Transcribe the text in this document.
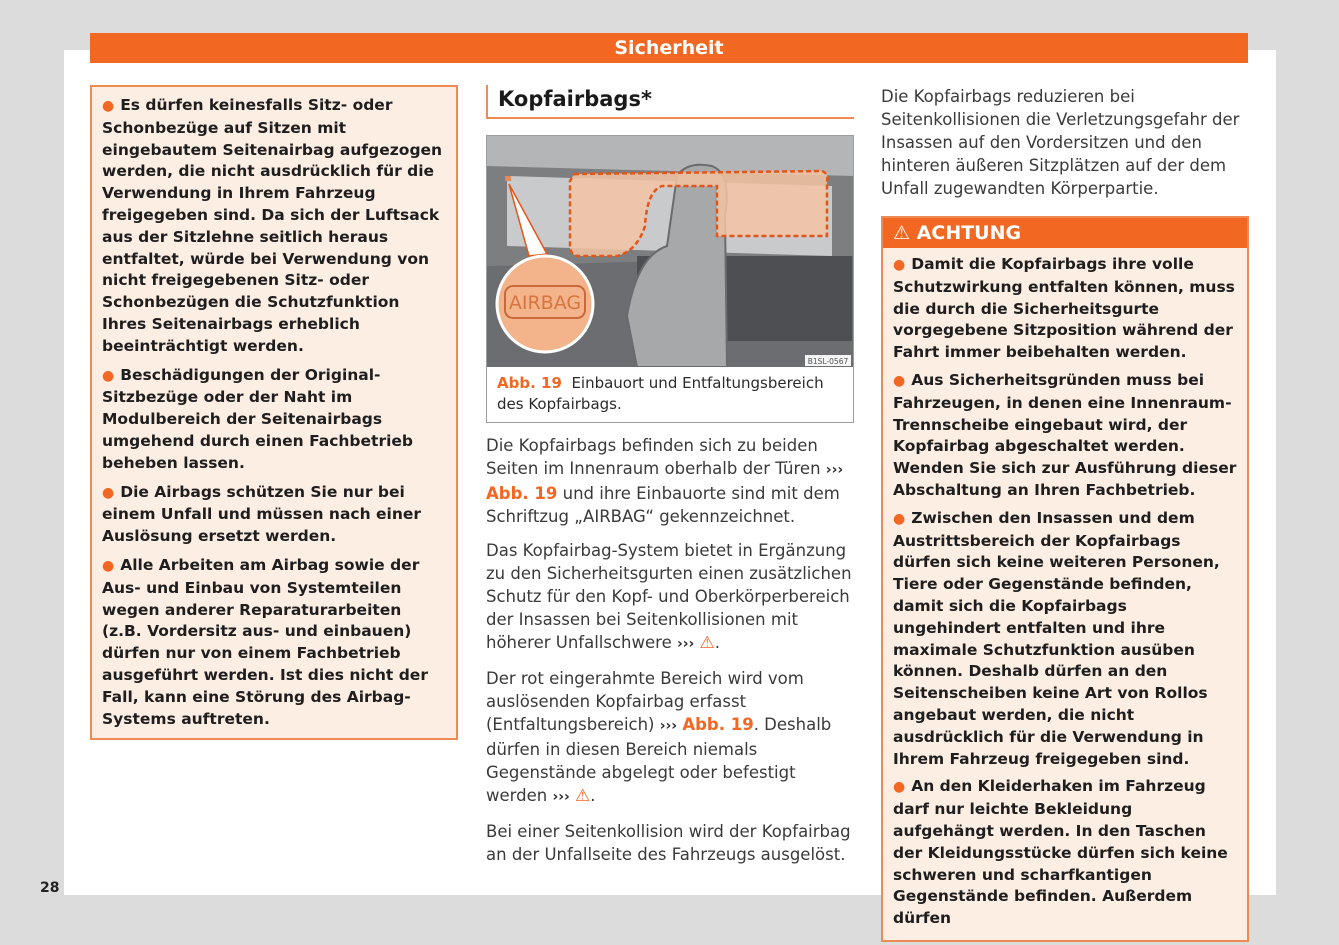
Sicherheit

● Es dürfen keinesfalls Sitz- oder Schonbezüge auf Sitzen mit eingebautem Seitenairbag aufgezogen werden, die nicht ausdrücklich für die Verwendung in Ihrem Fahrzeug freigegeben sind. Da sich der Luftsack aus der Sitzlehne seitlich heraus entfaltet, würde bei Verwendung von nicht freigegebenen Sitz- oder Schonbezügen die Schutzfunktion Ihres Seitenairbags erheblich beeinträchtigt werden.

● Beschädigungen der Original-Sitzbezüge oder der Naht im Modulbereich der Seitenairbags umgehend durch einen Fachbetrieb beheben lassen.

● Die Airbags schützen Sie nur bei einem Unfall und müssen nach einer Auslösung ersetzt werden.

● Alle Arbeiten am Airbag sowie der Aus- und Einbau von Systemteilen wegen anderer Reparaturarbeiten (z.B. Vordersitz aus- und einbauen) dürfen nur von einem Fachbetrieb ausgeführt werden. Ist dies nicht der Fall, kann eine Störung des Airbag-Systems auftreten.

Kopfairbags*
AIRBAG
B1SL-0567
Abb. 19 Einbauort und Entfaltungsbereich des Kopfairbags.

Die Kopfairbags befinden sich zu beiden Seiten im Innenraum oberhalb der Türen ››› Abb. 19 und ihre Einbauorte sind mit dem Schriftzug „AIRBAG“ gekennzeichnet.

Das Kopfairbag-System bietet in Ergänzung zu den Sicherheitsgurten einen zusätzlichen Schutz für den Kopf- und Oberkörperbereich der Insassen bei Seitenkollisionen mit höherer Unfallschwere ››› ⚠.

Der rot eingerahmte Bereich wird vom auslösenden Kopfairbag erfasst (Entfaltungsbereich) ››› Abb. 19. Deshalb dürfen in diesen Bereich niemals Gegenstände abgelegt oder befestigt werden ››› ⚠.

Bei einer Seitenkollision wird der Kopfairbag an der Unfallseite des Fahrzeugs ausgelöst.

Die Kopfairbags reduzieren bei Seitenkollisionen die Verletzungsgefahr der Insassen auf den Vordersitzen und den hinteren äußeren Sitzplätzen auf der dem Unfall zugewandten Körperpartie.

⚠ ACHTUNG

● Damit die Kopfairbags ihre volle Schutzwirkung entfalten können, muss die durch die Sicherheitsgurte vorgegebene Sitzposition während der Fahrt immer beibehalten werden.

● Aus Sicherheitsgründen muss bei Fahrzeugen, in denen eine Innenraum-Trennscheibe eingebaut wird, der Kopfairbag abgeschaltet werden. Wenden Sie sich zur Ausführung dieser Abschaltung an Ihren Fachbetrieb.

● Zwischen den Insassen und dem Austrittsbereich der Kopfairbags dürfen sich keine weiteren Personen, Tiere oder Gegenstände befinden, damit sich die Kopfairbags ungehindert entfalten und ihre maximale Schutzfunktion ausüben können. Deshalb dürfen an den Seitenscheiben keine Art von Rollos angebaut werden, die nicht ausdrücklich für die Verwendung in Ihrem Fahrzeug freigegeben sind.

● An den Kleiderhaken im Fahrzeug darf nur leichte Bekleidung aufgehängt werden. In den Taschen der Kleidungsstücke dürfen sich keine schweren und scharfkantigen Gegenstände befinden. Außerdem dürfen

28
